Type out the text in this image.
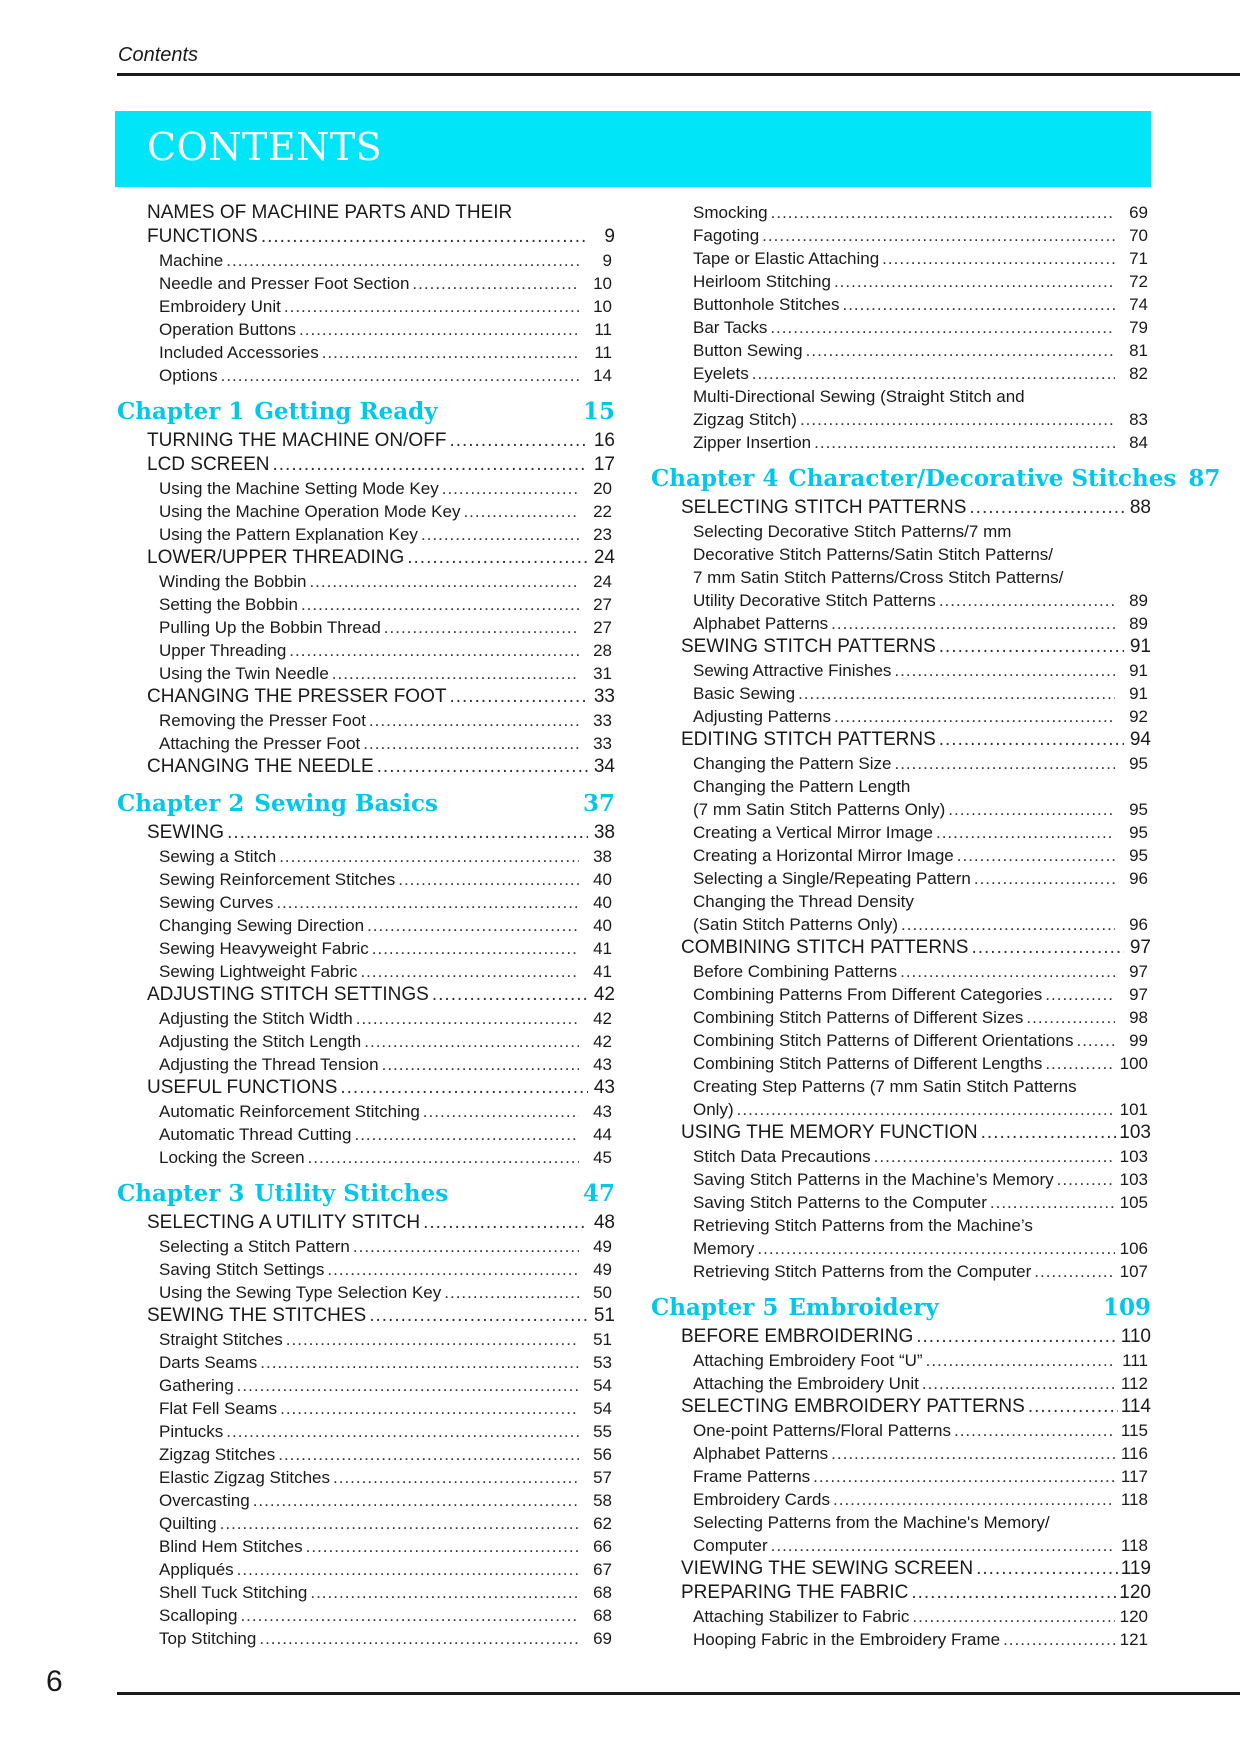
Contents
CONTENTS
NAMES OF MACHINE PARTS AND THEIR
FUNCTIONS .....	9
Machine .....	9
Needle and Presser Foot Section .....	10
Embroidery Unit .....	10
Operation Buttons .....	11
Included Accessories .....	11
Options .....	14
Chapter 1 Getting Ready	15
TURNING THE MACHINE ON/OFF .....	16
LCD SCREEN .....	17
Using the Machine Setting Mode Key .....	20
Using the Machine Operation Mode Key .....	22
Using the Pattern Explanation Key .....	23
LOWER/UPPER THREADING .....	24
Winding the Bobbin .....	24
Setting the Bobbin .....	27
Pulling Up the Bobbin Thread .....	27
Upper Threading .....	28
Using the Twin Needle .....	31
CHANGING THE PRESSER FOOT .....	33
Removing the Presser Foot .....	33
Attaching the Presser Foot .....	33
CHANGING THE NEEDLE .....	34
Chapter 2 Sewing Basics	37
SEWING .....	38
Sewing a Stitch .....	38
Sewing Reinforcement Stitches .....	40
Sewing Curves .....	40
Changing Sewing Direction .....	40
Sewing Heavyweight Fabric .....	41
Sewing Lightweight Fabric .....	41
ADJUSTING STITCH SETTINGS .....	42
Adjusting the Stitch Width .....	42
Adjusting the Stitch Length .....	42
Adjusting the Thread Tension .....	43
USEFUL FUNCTIONS .....	43
Automatic Reinforcement Stitching .....	43
Automatic Thread Cutting .....	44
Locking the Screen .....	45
Chapter 3 Utility Stitches	47
SELECTING A UTILITY STITCH .....	48
Selecting a Stitch Pattern .....	49
Saving Stitch Settings .....	49
Using the Sewing Type Selection Key .....	50
SEWING THE STITCHES .....	51
Straight Stitches .....	51
Darts Seams .....	53
Gathering .....	54
Flat Fell Seams .....	54
Pintucks .....	55
Zigzag Stitches .....	56
Elastic Zigzag Stitches .....	57
Overcasting .....	58
Quilting .....	62
Blind Hem Stitches .....	66
Appliqués .....	67
Shell Tuck Stitching .....	68
Scalloping .....	68
Top Stitching .....	69
Smocking .....	69
Fagoting .....	70
Tape or Elastic Attaching .....	71
Heirloom Stitching .....	72
Buttonhole Stitches .....	74
Bar Tacks .....	79
Button Sewing .....	81
Eyelets .....	82
Multi-Directional Sewing (Straight Stitch and
Zigzag Stitch) .....	83
Zipper Insertion .....	84
Chapter 4 Character/Decorative Stitches 87
SELECTING STITCH PATTERNS .....	88
Selecting Decorative Stitch Patterns/7 mm
Decorative Stitch Patterns/Satin Stitch Patterns/
7 mm Satin Stitch Patterns/Cross Stitch Patterns/
Utility Decorative Stitch Patterns .....	89
Alphabet Patterns .....	89
SEWING STITCH PATTERNS .....	91
Sewing Attractive Finishes .....	91
Basic Sewing .....	91
Adjusting Patterns .....	92
EDITING STITCH PATTERNS .....	94
Changing the Pattern Size .....	95
Changing the Pattern Length
(7 mm Satin Stitch Patterns Only) .....	95
Creating a Vertical Mirror Image .....	95
Creating a Horizontal Mirror Image .....	95
Selecting a Single/Repeating Pattern .....	96
Changing the Thread Density
(Satin Stitch Patterns Only) .....	96
COMBINING STITCH PATTERNS .....	97
Before Combining Patterns .....	97
Combining Patterns From Different Categories .....	97
Combining Stitch Patterns of Different Sizes .....	98
Combining Stitch Patterns of Different Orientations .....	99
Combining Stitch Patterns of Different Lengths .....	100
Creating Step Patterns (7 mm Satin Stitch Patterns
Only) .....	101
USING THE MEMORY FUNCTION .....	103
Stitch Data Precautions .....	103
Saving Stitch Patterns in the Machine’s Memory .....	103
Saving Stitch Patterns to the Computer .....	105
Retrieving Stitch Patterns from the Machine’s
Memory .....	106
Retrieving Stitch Patterns from the Computer .....	107
Chapter 5 Embroidery	109
BEFORE EMBROIDERING .....	110
Attaching Embroidery Foot “U” .....	111
Attaching the Embroidery Unit .....	112
SELECTING EMBROIDERY PATTERNS .....	114
One-point Patterns/Floral Patterns .....	115
Alphabet Patterns .....	116
Frame Patterns .....	117
Embroidery Cards .....	118
Selecting Patterns from the Machine's Memory/
Computer .....	118
VIEWING THE SEWING SCREEN .....	119
PREPARING THE FABRIC .....	120
Attaching Stabilizer to Fabric .....	120
Hooping Fabric in the Embroidery Frame .....	121
6
